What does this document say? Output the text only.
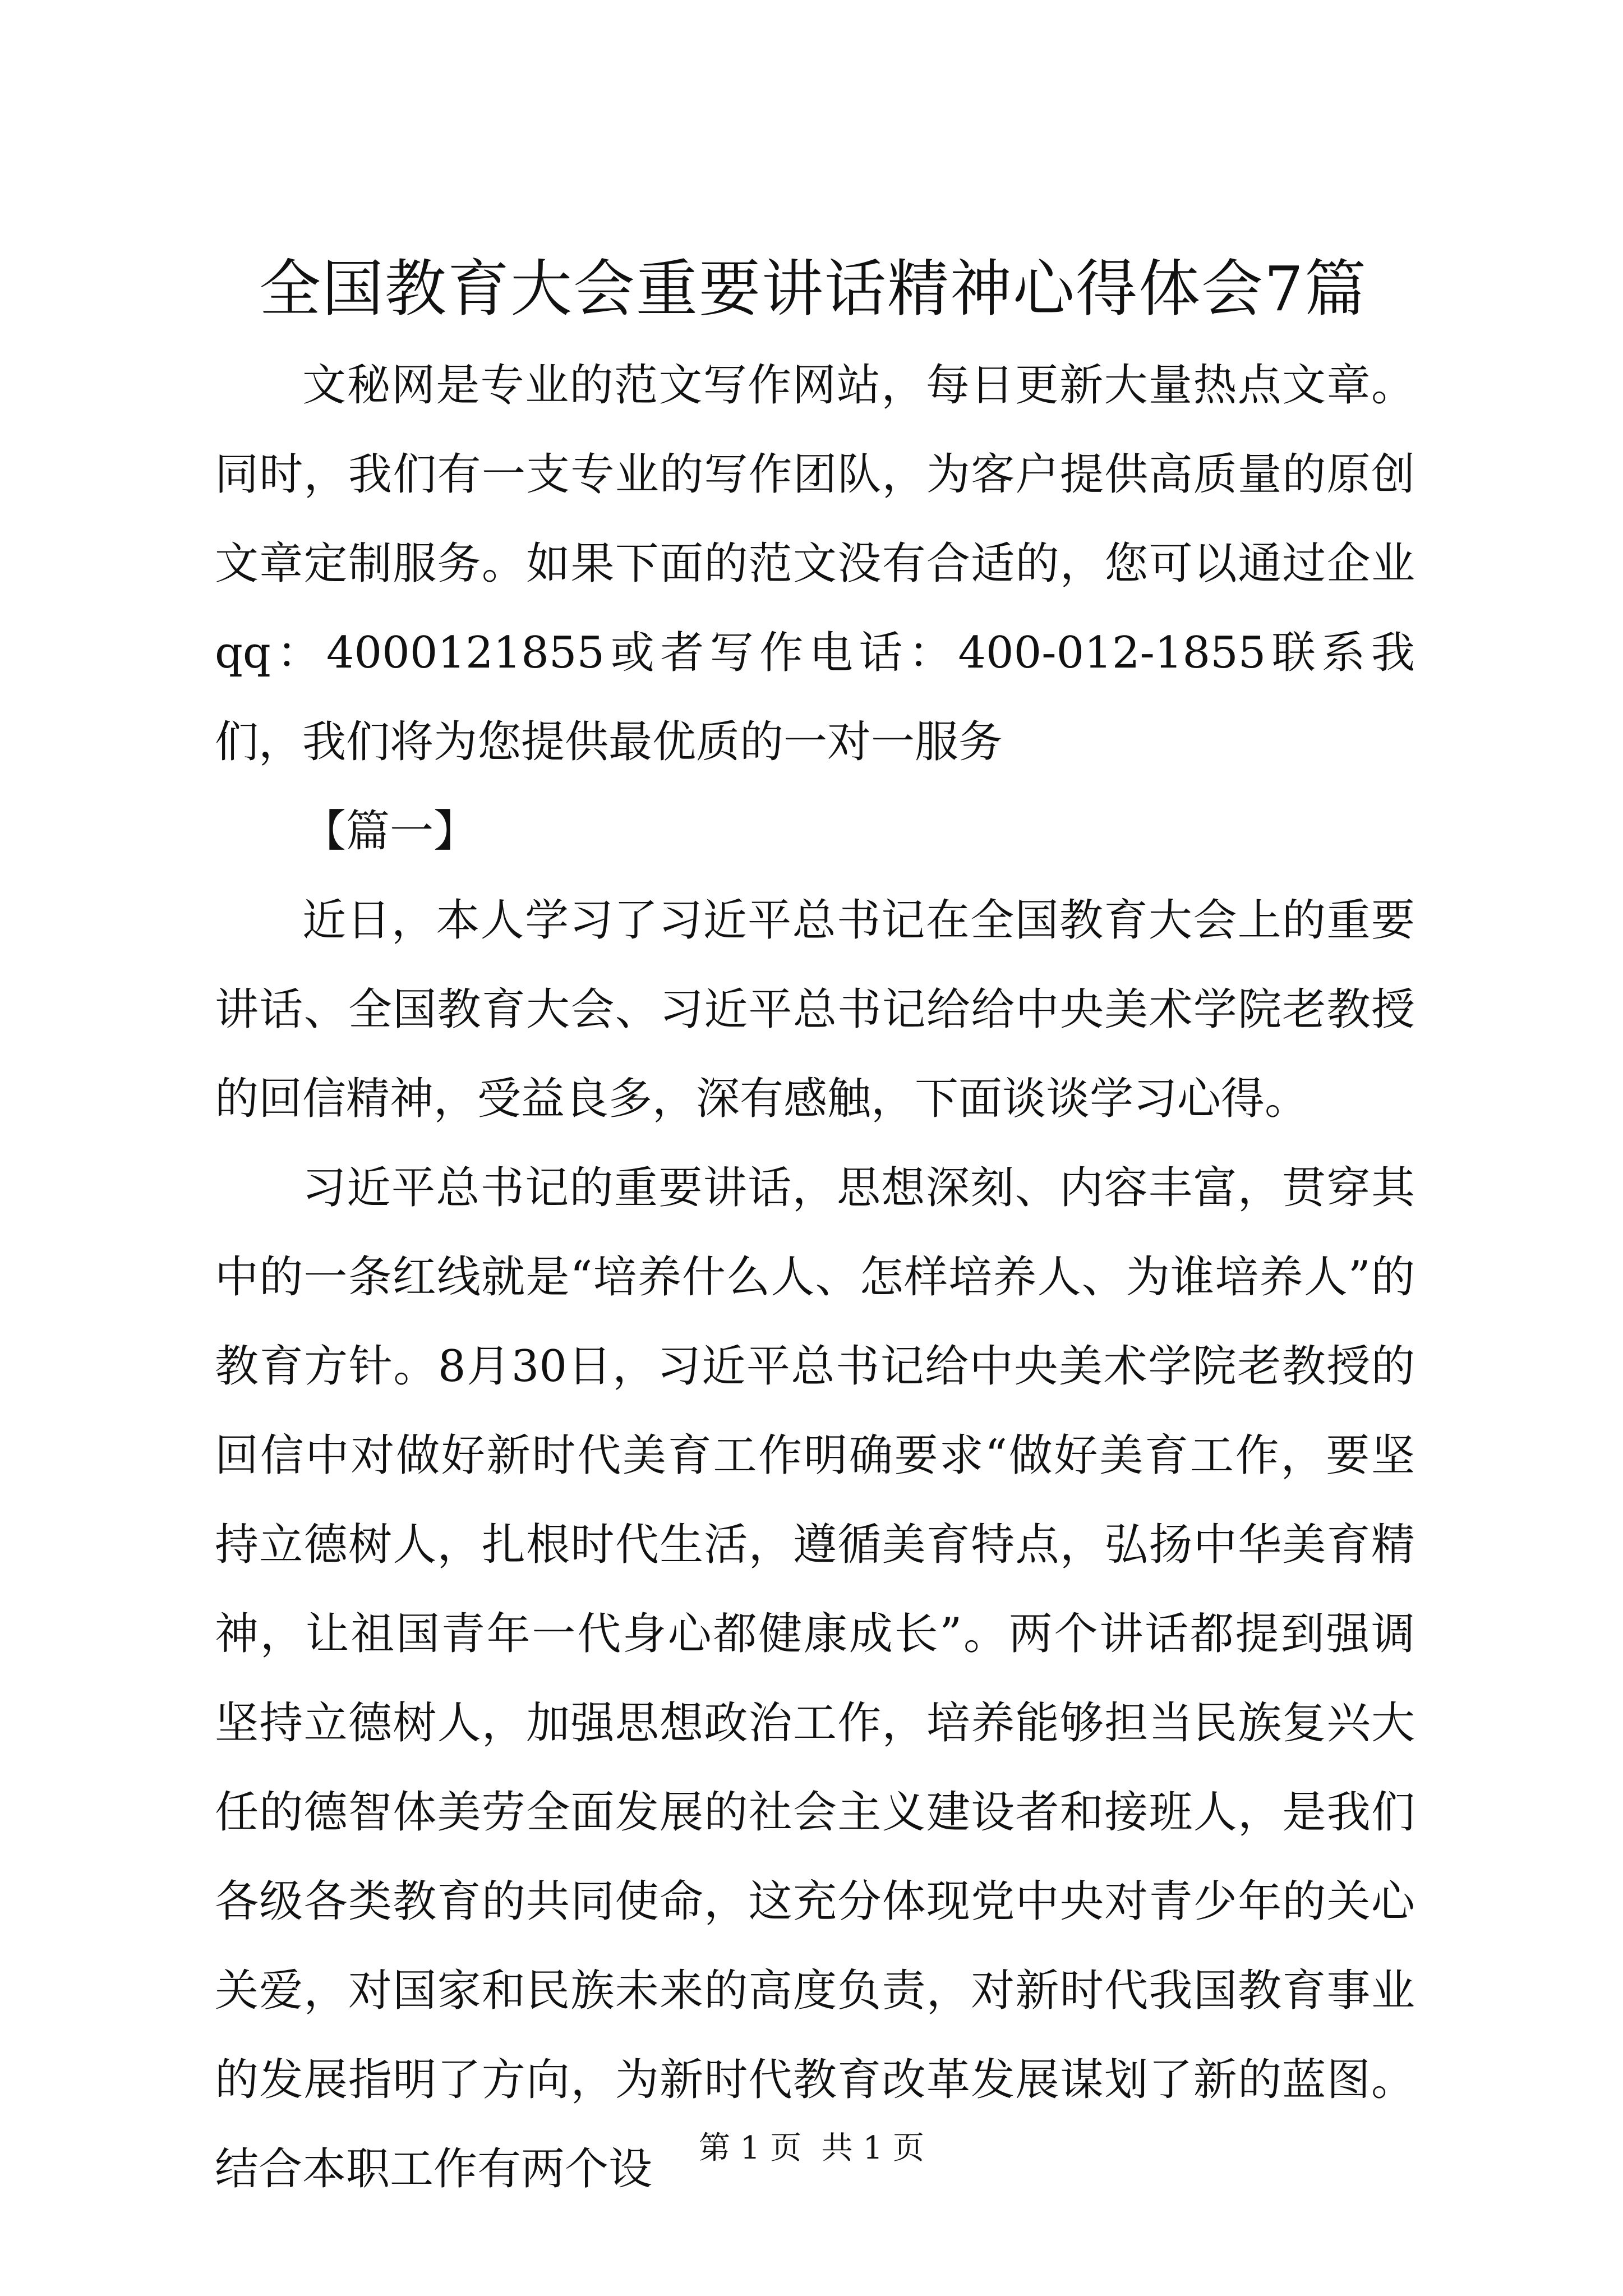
全国教育大会重要讲话精神心得体会7篇

文秘网是专业的范文写作网站，每日更新大量热点文章。同时，我们有一支专业的写作团队，为客户提供高质量的原创文章定制服务。如果下面的范文没有合适的，您可以通过企业qq：4000121855或者写作电话：400-012-1855联系我们，我们将为您提供最优质的一对一服务

【篇一】

近日，本人学习了习近平总书记在全国教育大会上的重要讲话、全国教育大会、习近平总书记给给中央美术学院老教授的回信精神，受益良多，深有感触，下面谈谈学习心得。

习近平总书记的重要讲话，思想深刻、内容丰富，贯穿其中的一条红线就是“培养什么人、怎样培养人、为谁培养人”的教育方针。8月30日，习近平总书记给中央美术学院老教授的回信中对做好新时代美育工作明确要求“做好美育工作，要坚持立德树人，扎根时代生活，遵循美育特点，弘扬中华美育精神，让祖国青年一代身心都健康成长”。两个讲话都提到强调坚持立德树人，加强思想政治工作，培养能够担当民族复兴大任的德智体美劳全面发展的社会主义建设者和接班人，是我们各级各类教育的共同使命，这充分体现党中央对青少年的关心关爱，对国家和民族未来的高度负责，对新时代我国教育事业的发展指明了方向，为新时代教育改革发展谋划了新的蓝图。结合本职工作有两个设	第 1 页  共 1 页
